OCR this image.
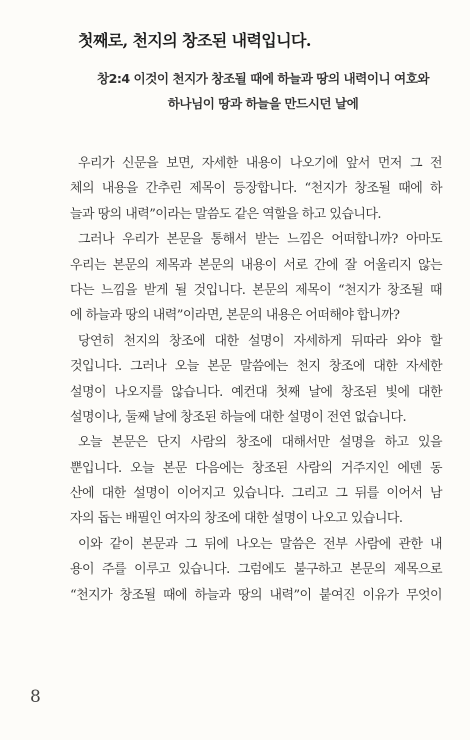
첫째로, 천지의 창조된 내력입니다.
창2:4 이것이 천지가 창조될 때에 하늘과 땅의 내력이니 여호와
하나님이 땅과 하늘을 만드시던 날에
우리가 신문을 보면, 자세한 내용이 나오기에 앞서 먼저 그 전
체의 내용을 간추린 제목이 등장합니다. “천지가 창조될 때에 하
늘과 땅의 내력”이라는 말씀도 같은 역할을 하고 있습니다.
그러나 우리가 본문을 통해서 받는 느낌은 어떠합니까? 아마도
우리는 본문의 제목과 본문의 내용이 서로 간에 잘 어울리지 않는
다는 느낌을 받게 될 것입니다. 본문의 제목이 “천지가 창조될 때
에 하늘과 땅의 내력”이라면, 본문의 내용은 어떠해야 합니까?
당연히 천지의 창조에 대한 설명이 자세하게 뒤따라 와야 할
것입니다. 그러나 오늘 본문 말씀에는 천지 창조에 대한 자세한
설명이 나오지를 않습니다. 예컨대 첫째 날에 창조된 빛에 대한
설명이나, 둘째 날에 창조된 하늘에 대한 설명이 전연 없습니다.
오늘 본문은 단지 사람의 창조에 대해서만 설명을 하고 있을
뿐입니다. 오늘 본문 다음에는 창조된 사람의 거주지인 에덴 동
산에 대한 설명이 이어지고 있습니다. 그리고 그 뒤를 이어서 남
자의 돕는 배필인 여자의 창조에 대한 설명이 나오고 있습니다.
이와 같이 본문과 그 뒤에 나오는 말씀은 전부 사람에 관한 내
용이 주를 이루고 있습니다. 그럼에도 불구하고 본문의 제목으로
“천지가 창조될 때에 하늘과 땅의 내력”이 붙여진 이유가 무엇이
8
